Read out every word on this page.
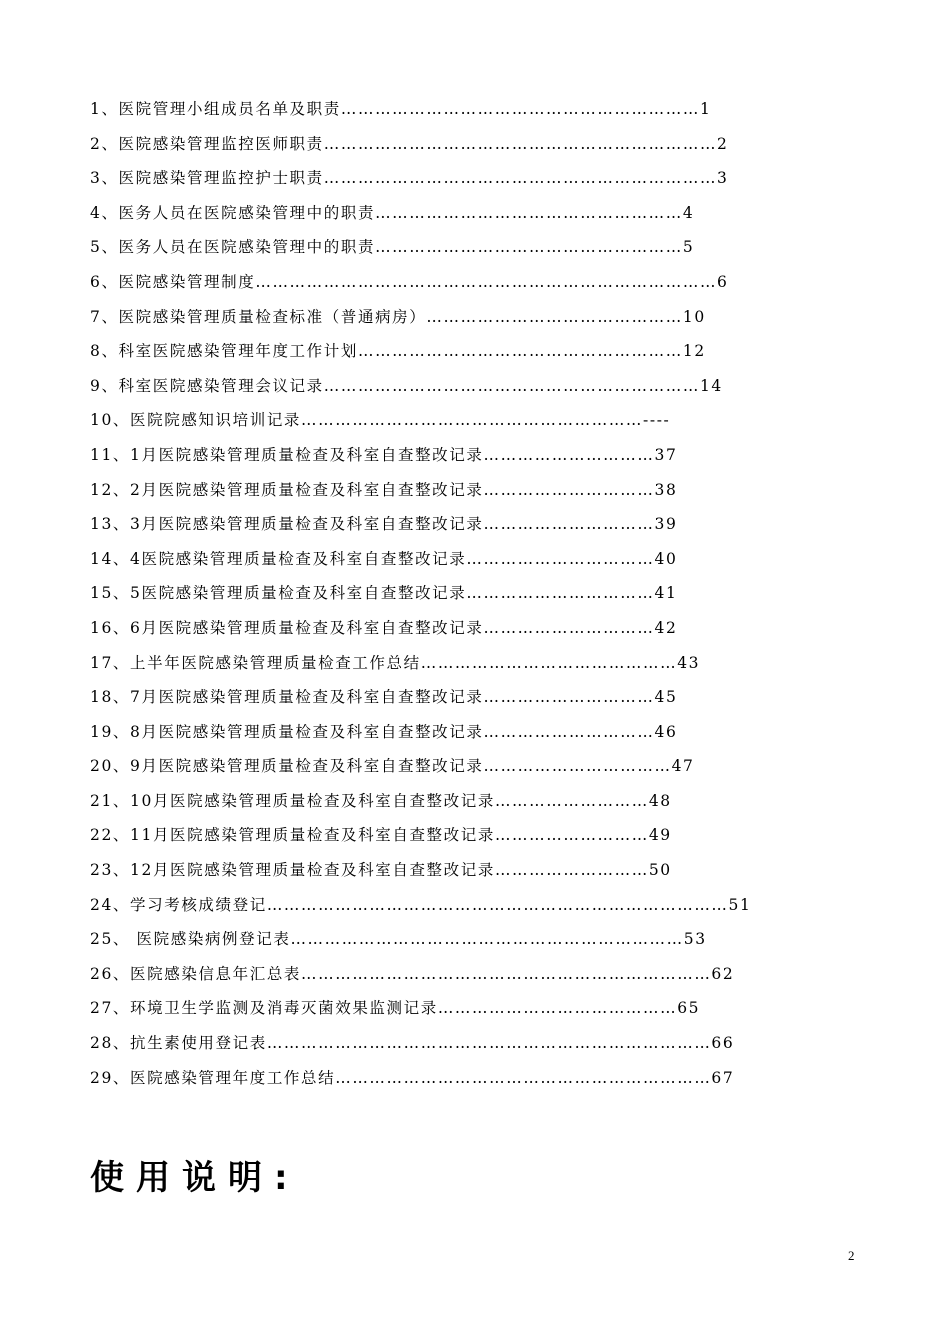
1、医院管理小组成员名单及职责………………………………………………………1
2、医院感染管理监控医师职责……………………………………………………………2
3、医院感染管理监控护士职责……………………………………………………………3
4、医务人员在医院感染管理中的职责………………………………………………4
5、医务人员在医院感染管理中的职责………………………………………………5
6、医院感染管理制度………………………………………………………………………6
7、医院感染管理质量检查标准（普通病房）………………………………………10
8、科室医院感染管理年度工作计划…………………………………………………12
9、科室医院感染管理会议记录…………………………………………………………14
10、医院院感知识培训记录……………………………………………………----
11、1月医院感染管理质量检查及科室自查整改记录…………………………37
12、2月医院感染管理质量检查及科室自查整改记录…………………………38
13、3月医院感染管理质量检查及科室自查整改记录…………………………39
14、4医院感染管理质量检查及科室自查整改记录……………………………40
15、5医院感染管理质量检查及科室自查整改记录……………………………41
16、6月医院感染管理质量检查及科室自查整改记录…………………………42
17、上半年医院感染管理质量检查工作总结………………………………………43
18、7月医院感染管理质量检查及科室自查整改记录…………………………45
19、8月医院感染管理质量检查及科室自查整改记录…………………………46
20、9月医院感染管理质量检查及科室自查整改记录……………………………47
21、10月医院感染管理质量检查及科室自查整改记录………………………48
22、11月医院感染管理质量检查及科室自查整改记录………………………49
23、12月医院感染管理质量检查及科室自查整改记录………………………50
24、学习考核成绩登记………………………………………………………………………51
25、 医院感染病例登记表……………………………………………………………53
26、医院感染信息年汇总表………………………………………………………………62
27、环境卫生学监测及消毒灭菌效果监测记录……………………………………65
28、抗生素使用登记表……………………………………………………………………66
29、医院感染管理年度工作总结…………………………………………………………67
使用说明:
2
